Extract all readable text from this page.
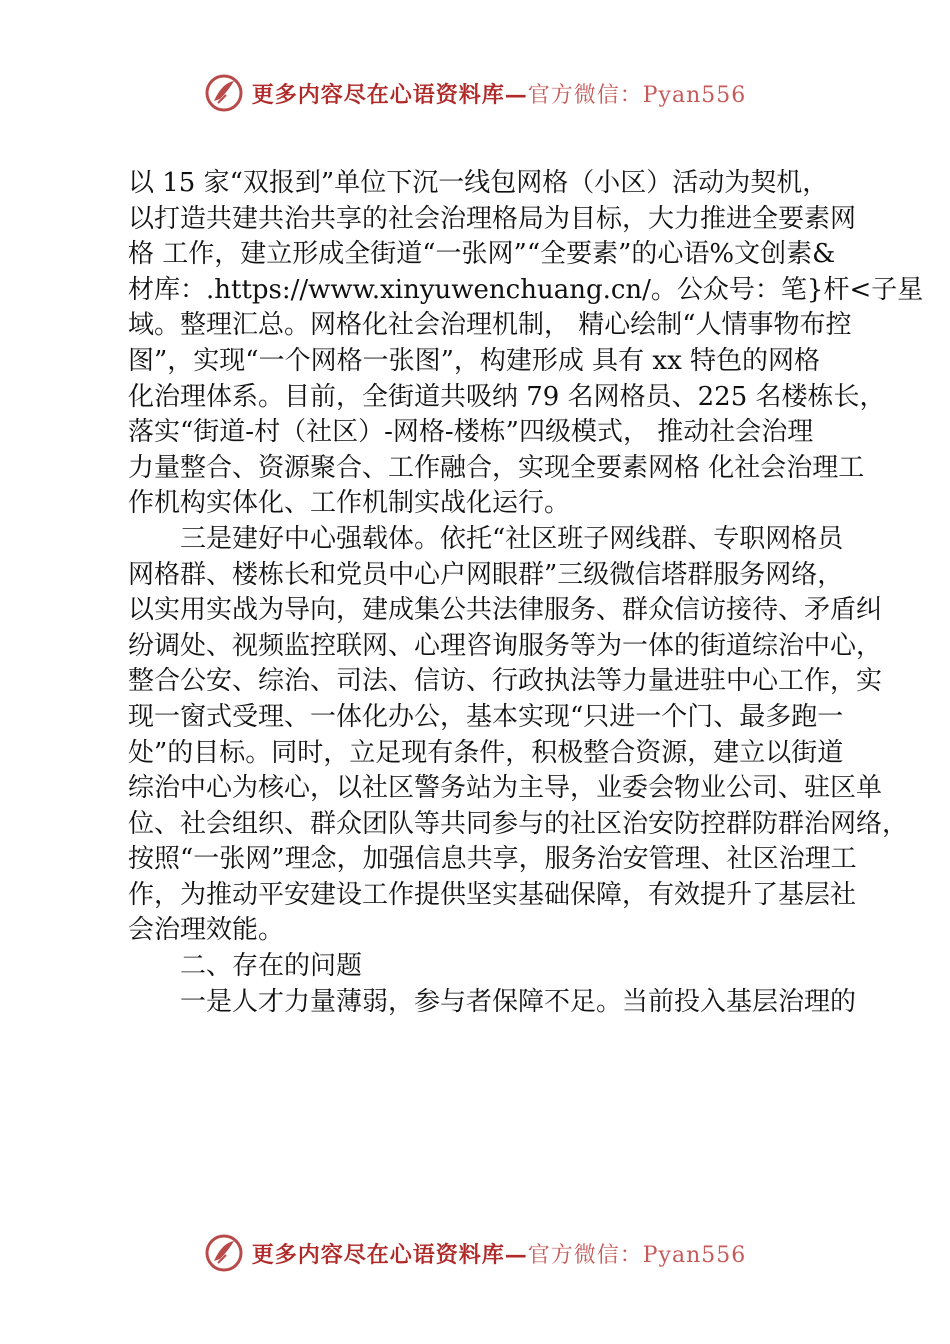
更多内容尽在心语资料库—官方微信：Pyan556
以 15 家“双报到”单位下沉一线包网格（小区）活动为契机，
以打造共建共治共享的社会治理格局为目标，大力推进全要素网
格 工作，建立形成全街道“一张网”“全要素”的心语%文创素&
材库：.https://www.xinyuwenchuang.cn/。公众号：笔}杆<子星
域。整理汇总。网格化社会治理机制， 精心绘制“人情事物布控
图”，实现“一个网格一张图”，构建形成 具有 xx 特色的网格
化治理体系。目前，全街道共吸纳 79 名网格员、225 名楼栋长，
落实“街道-村（社区）-网格-楼栋”四级模式， 推动社会治理
力量整合、资源聚合、工作融合，实现全要素网格 化社会治理工
作机构实体化、工作机制实战化运行。
三是建好中心强载体。依托“社区班子网线群、专职网格员
网格群、楼栋长和党员中心户网眼群”三级微信塔群服务网络，
以实用实战为导向，建成集公共法律服务、群众信访接待、矛盾纠
纷调处、视频监控联网、心理咨询服务等为一体的街道综治中心，
整合公安、综治、司法、信访、行政执法等力量进驻中心工作，实
现一窗式受理、一体化办公，基本实现“只进一个门、最多跑一
处”的目标。同时，立足现有条件，积极整合资源，建立以街道
综治中心为核心，以社区警务站为主导，业委会物业公司、驻区单
位、社会组织、群众团队等共同参与的社区治安防控群防群治网络，
按照“一张网”理念，加强信息共享，服务治安管理、社区治理工
作，为推动平安建设工作提供坚实基础保障，有效提升了基层社
会治理效能。
二、存在的问题
一是人才力量薄弱，参与者保障不足。当前投入基层治理的
更多内容尽在心语资料库—官方微信：Pyan556
